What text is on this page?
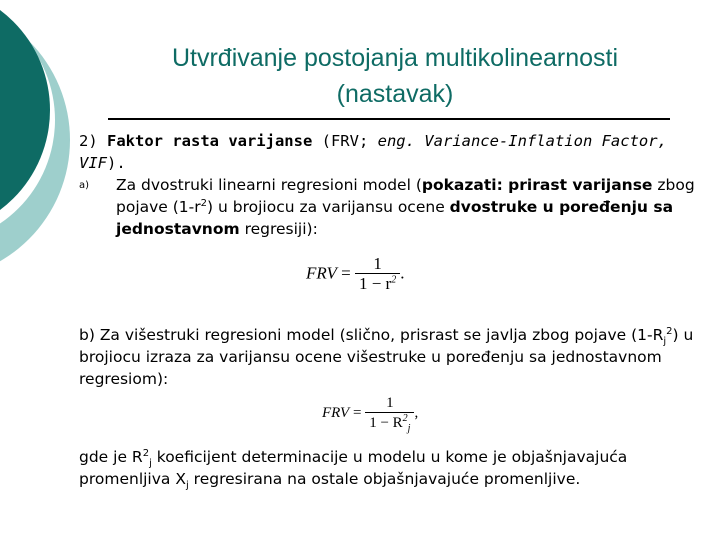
Utvrđivanje postojanja multikolinearnosti
(nastavak)
2) Faktor rasta varijanse (FRV; eng. Variance-Inflation Factor, VIF).
a) Za dvostruki linearni regresioni model (pokazati: prirast varijanse zbog pojave $(1-r^2)$ u brojiocu za varijansu ocene dvostruke u poređenju sa jednostavnom regresiji):
FRV = $\frac{1}{1 - r^2}$ .
b) Za višestruki regresioni model (slično, prisrast se javlja zbog pojave $(1-R_j^2)$ u brojiocu izraza za varijansu ocene višestruke u poređenju sa jednostavnom regresiom):
FRV = $\frac{1}{1 - R^2_j}$ ,
gde je $R^2_j$ koeficijent determinacije u modelu u kome je objašnjavajuća promenljiva $X_j$ regresirana na ostale objašnjavajuće promenljive.
